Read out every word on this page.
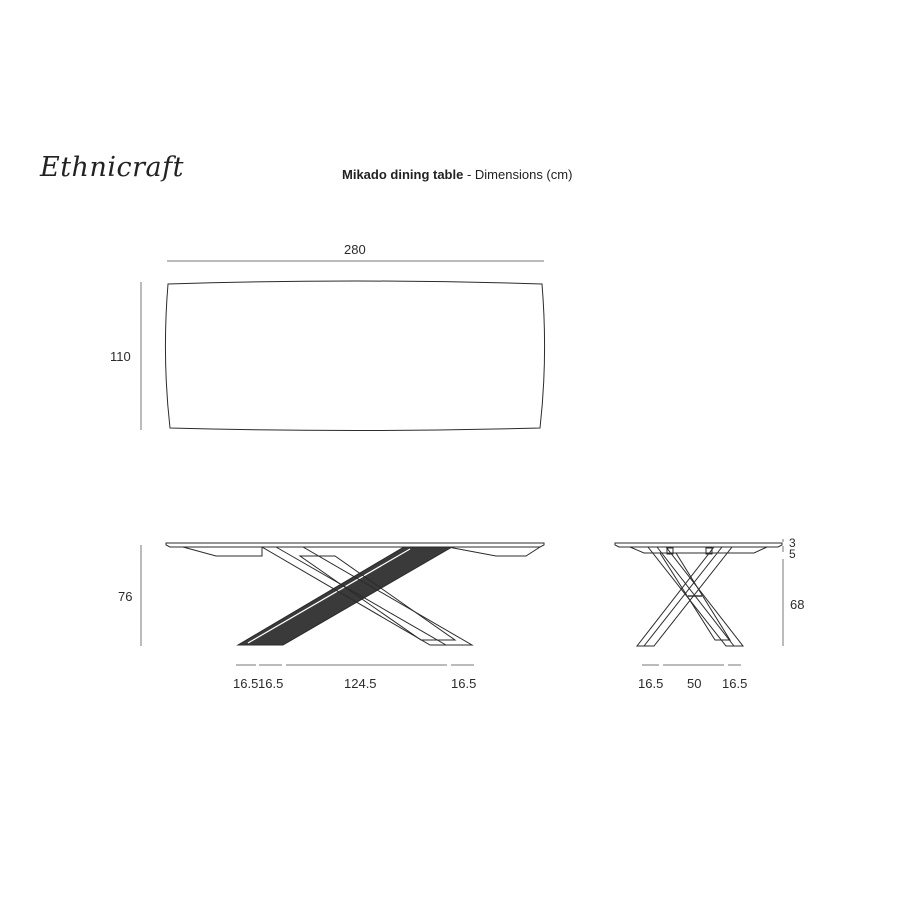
Ethnicraft	Mikado dining table - Dimensions (cm)
280
110
76
16.5 16.5	124.5	16.5
3
5
68
16.5 50 16.5
